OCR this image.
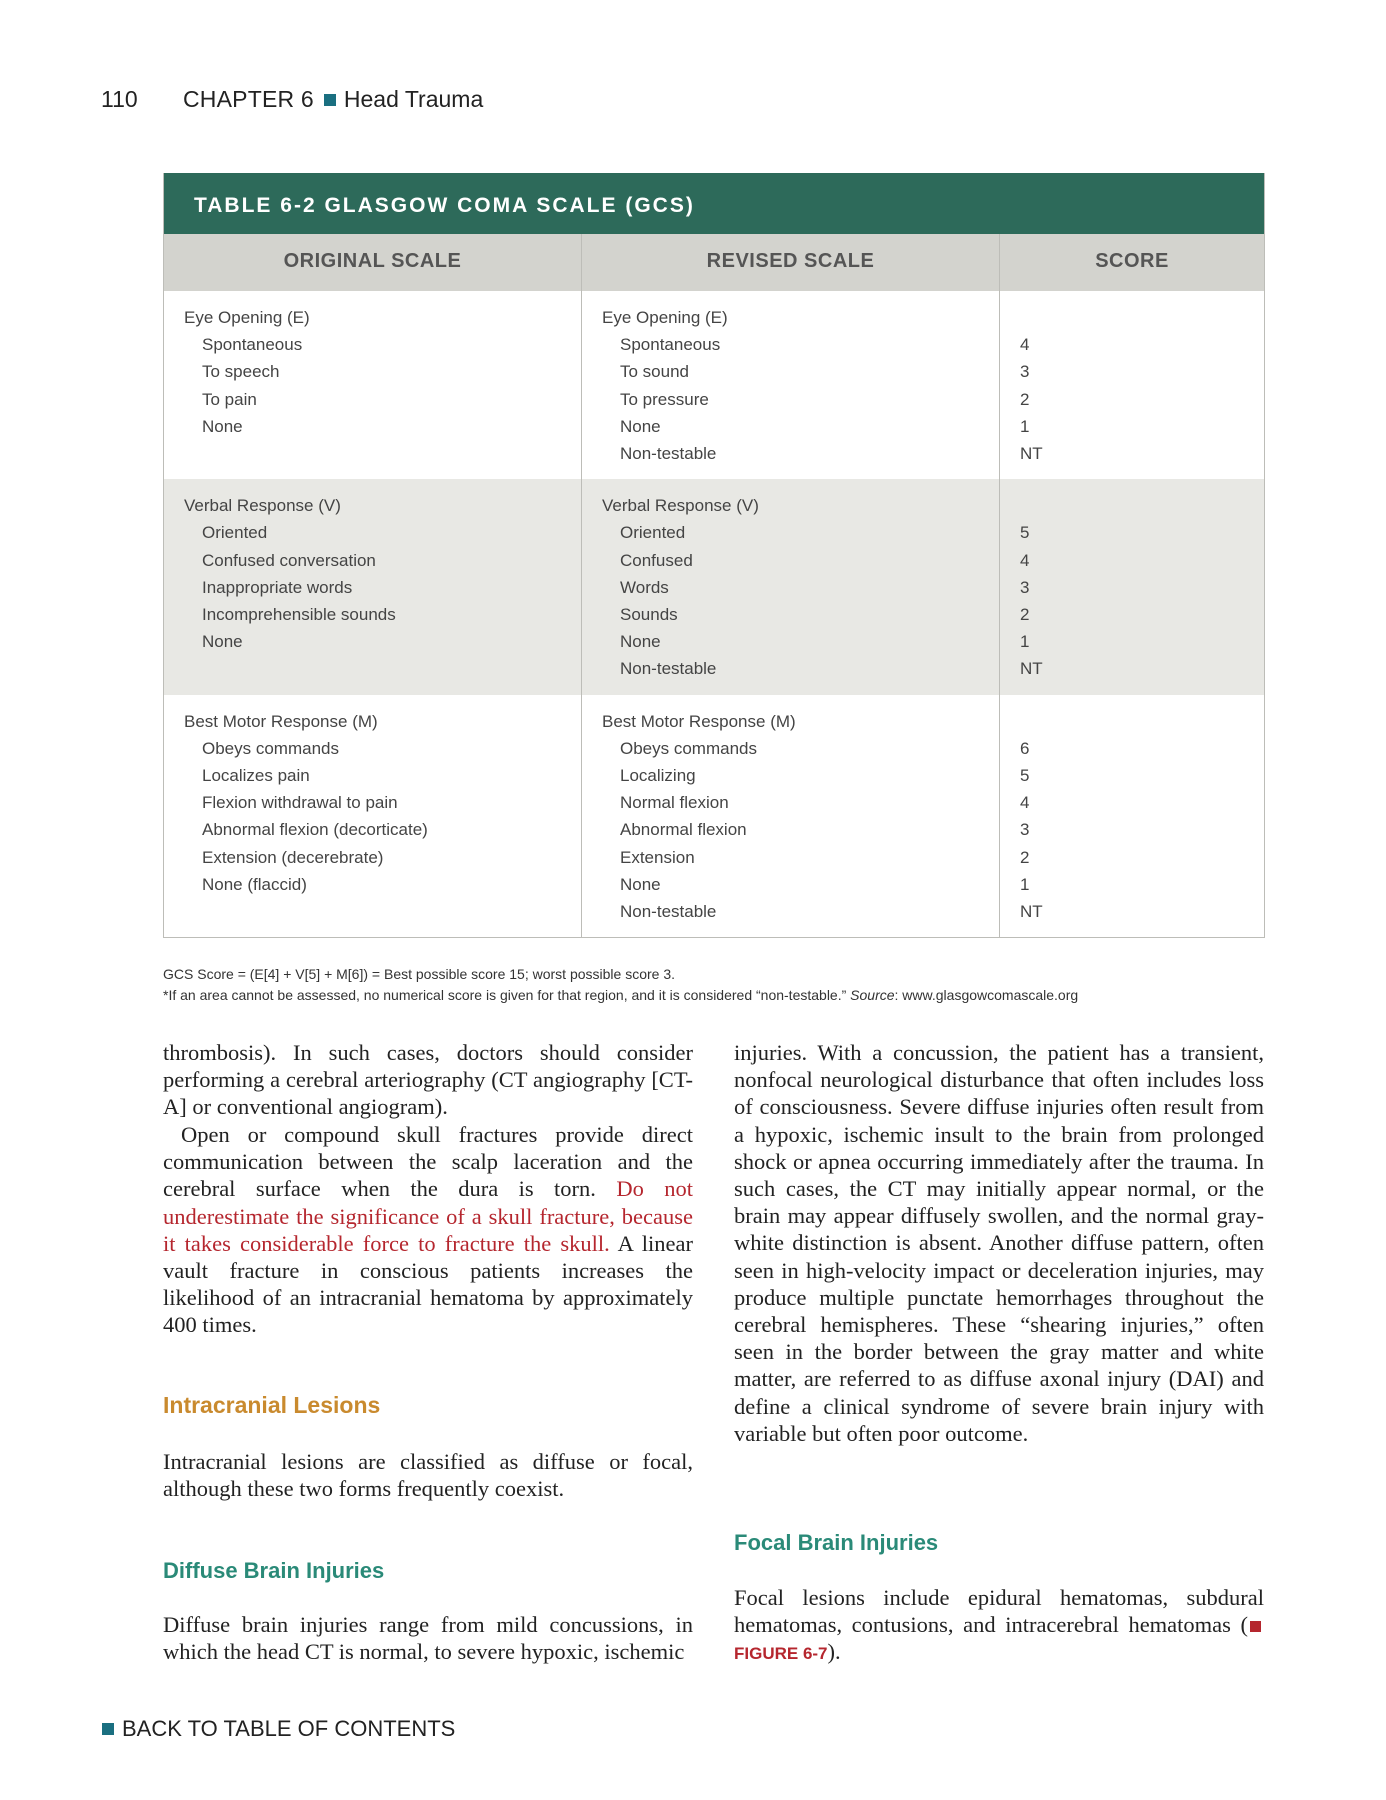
110 CHAPTER 6 Head Trauma
TABLE 6-2 GLASGOW COMA SCALE (GCS)
ORIGINAL SCALE	REVISED SCALE	SCORE
Eye Opening (E)
Spontaneous
To speech
To pain
None
Eye Opening (E)
Spontaneous
To sound
To pressure
None
Non-testable

4
3
2
1
NT
Verbal Response (V)
Oriented
Confused conversation
Inappropriate words
Incomprehensible sounds
None
Verbal Response (V)
Oriented
Confused
Words
Sounds
None
Non-testable

5
4
3
2
1
NT
Best Motor Response (M)
Obeys commands
Localizes pain
Flexion withdrawal to pain
Abnormal flexion (decorticate)
Extension (decerebrate)
None (flaccid)
Best Motor Response (M)
Obeys commands
Localizing
Normal flexion
Abnormal flexion
Extension
None
Non-testable

6
5
4
3
2
1
NT
GCS Score = (E[4] + V[5] + M[6]) = Best possible score 15; worst possible score 3.
*If an area cannot be assessed, no numerical score is given for that region, and it is considered “non-testable.” Source: www.glasgowcomascale.org
thrombosis). In such cases, doctors should consider performing a cerebral arteriography (CT angiography [CT-A] or conventional angiogram).
Open or compound skull fractures provide direct communication between the scalp laceration and the cerebral surface when the dura is torn. Do not underestimate the significance of a skull fracture, because it takes considerable force to fracture the skull. A linear vault fracture in conscious patients increases the likelihood of an intracranial hematoma by approximately 400 times.
Intracranial Lesions
Intracranial lesions are classified as diffuse or focal, although these two forms frequently coexist.
Diffuse Brain Injuries
Diffuse brain injuries range from mild concussions, in which the head CT is normal, to severe hypoxic, ischemic
injuries. With a concussion, the patient has a transient, nonfocal neurological disturbance that often includes loss of consciousness. Severe diffuse injuries often result from a hypoxic, ischemic insult to the brain from prolonged shock or apnea occurring immediately after the trauma. In such cases, the CT may initially appear normal, or the brain may appear diffusely swollen, and the normal gray-white distinction is absent. Another diffuse pattern, often seen in high-velocity impact or deceleration injuries, may produce multiple punctate hemorrhages throughout the cerebral hemispheres. These “shearing injuries,” often seen in the border between the gray matter and white matter, are referred to as diffuse axonal injury (DAI) and define a clinical syndrome of severe brain injury with variable but often poor outcome.
Focal Brain Injuries
Focal lesions include epidural hematomas, subdural hematomas, contusions, and intracerebral hematomas (FIGURE 6-7).
BACK TO TABLE OF CONTENTS
